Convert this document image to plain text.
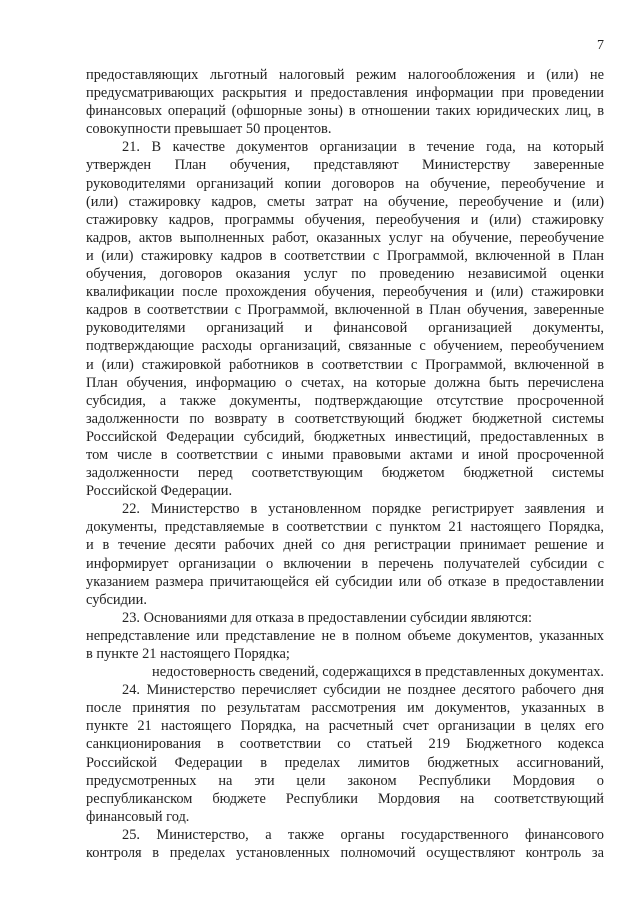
7
предоставляющих льготный налоговый режим налогообложения и (или) не
предусматривающих раскрытия и предоставления информации при проведении
финансовых операций (офшорные зоны) в отношении таких юридических лиц, в
совокупности превышает 50 процентов.
21. В качестве документов организации в течение года, на который
утвержден План обучения, представляют Министерству заверенные
руководителями организаций копии договоров на обучение, переобучение и
(или) стажировку кадров, сметы затрат на обучение, переобучение и (или)
стажировку кадров, программы обучения, переобучения и (или) стажировку
кадров, актов выполненных работ, оказанных услуг на обучение, переобучение
и (или) стажировку кадров в соответствии с Программой, включенной в План
обучения, договоров оказания услуг по проведению независимой оценки
квалификации после прохождения обучения, переобучения и (или) стажировки
кадров в соответствии с Программой, включенной в План обучения, заверенные
руководителями организаций и финансовой организацией документы,
подтверждающие расходы организаций, связанные с обучением, переобучением
и (или) стажировкой работников в соответствии с Программой, включенной в
План обучения, информацию о счетах, на которые должна быть перечислена
субсидия, а также документы, подтверждающие отсутствие просроченной
задолженности по возврату в соответствующий бюджет бюджетной системы
Российской Федерации субсидий, бюджетных инвестиций, предоставленных в
том числе в соответствии с иными правовыми актами и иной просроченной
задолженности перед соответствующим бюджетом бюджетной системы
Российской Федерации.
22. Министерство в установленном порядке регистрирует заявления и
документы, представляемые в соответствии с пунктом 21 настоящего Порядка,
и в течение десяти рабочих дней со дня регистрации принимает решение и
информирует организации о включении в перечень получателей субсидии с
указанием размера причитающейся ей субсидии или об отказе в предоставлении
субсидии.
23. Основаниями для отказа в предоставлении субсидии являются:
непредставление или представление не в полном объеме документов, указанных
в пункте 21 настоящего Порядка;
недостоверность сведений, содержащихся в представленных документах.
24. Министерство перечисляет субсидии не позднее десятого рабочего дня
после принятия по результатам рассмотрения им документов, указанных в
пункте 21 настоящего Порядка, на расчетный счет организации в целях его
санкционирования в соответствии со статьей 219 Бюджетного кодекса
Российской Федерации в пределах лимитов бюджетных ассигнований,
предусмотренных на эти цели законом Республики Мордовия о
республиканском бюджете Республики Мордовия на соответствующий
финансовый год.
25. Министерство, а также органы государственного финансового
контроля в пределах установленных полномочий осуществляют контроль за
